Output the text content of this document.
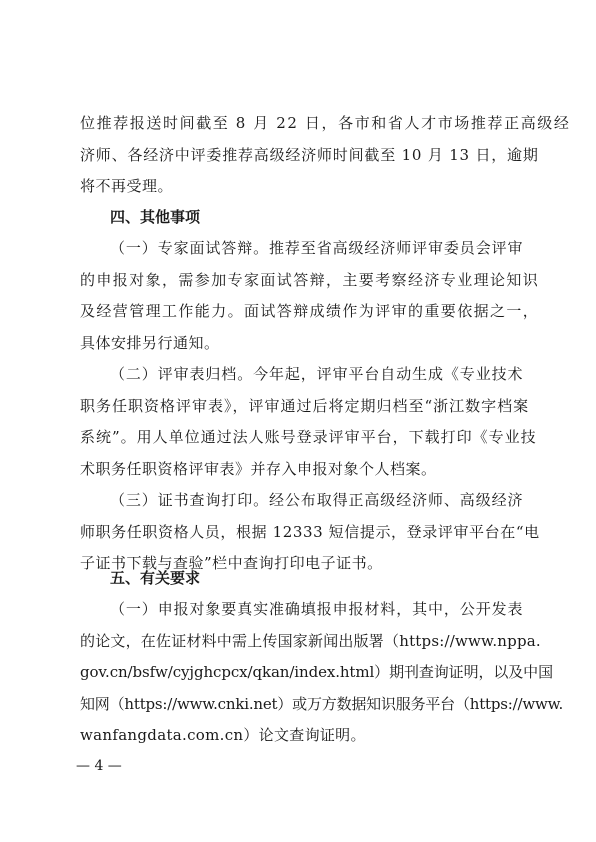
位推荐报送时间截至 8 月 22 日，各市和省人才市场推荐正高级经
济师、各经济中评委推荐高级经济师时间截至 10 月 13 日，逾期
将不再受理。
四、其他事项
（一）专家面试答辩。推荐至省高级经济师评审委员会评审
的申报对象，需参加专家面试答辩，主要考察经济专业理论知识
及经营管理工作能力。面试答辩成绩作为评审的重要依据之一，
具体安排另行通知。
（二）评审表归档。今年起，评审平台自动生成《专业技术
职务任职资格评审表》，评审通过后将定期归档至“浙江数字档案
系统”。用人单位通过法人账号登录评审平台，下载打印《专业技
术职务任职资格评审表》并存入申报对象个人档案。
（三）证书查询打印。经公布取得正高级经济师、高级经济
师职务任职资格人员，根据 12333 短信提示，登录评审平台在“电
子证书下载与查验”栏中查询打印电子证书。
五、有关要求
（一）申报对象要真实准确填报申报材料，其中，公开发表
的论文，在佐证材料中需上传国家新闻出版署（https://www.nppa.
gov.cn/bsfw/cyjghcpcx/qkan/index.html）期刊查询证明，以及中国
知网（https://www.cnki.net）或万方数据知识服务平台（https://www.
wanfangdata.com.cn）论文查询证明。
— 4 —
